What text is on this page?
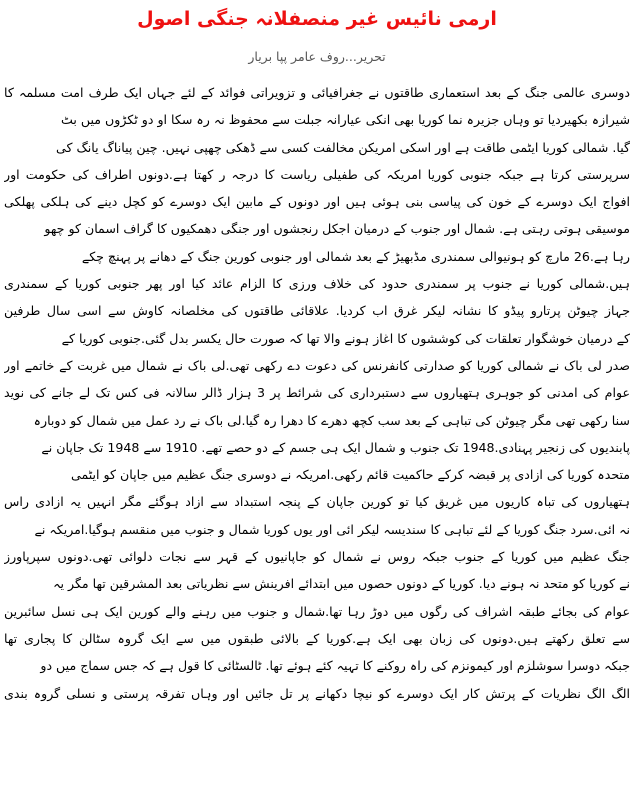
ارمی نائیس غیر منصفلانہ جنگی اصول
تحریر...روف عامر پپا بریار
دوسری عالمی جنگ کے بعد استعماری طاقتوں نے جغرافیائی و تزویراتی فوائد کے لئے جہاں ایک طرف امت مسلمہ کا
شیرازہ بکھیردیا تو وہاں جزیرہ نما کوریا بھی انکی عیارانہ جبلت سے محفوظ نہ رہ سکا او دو ٹکڑوں میں بٹ
گیا. شمالی کوریا ایٹمی طاقت ہے اور اسکی امریکن مخالفت کسی سے ڈھکی چھپی نہیں. چین پیاناگ یانگ کی
سرپرستی کرتا ہے جبکہ جنوبی کوریا امریکہ کی طفیلی ریاست کا درجہ ر کھتا ہے.دونوں اطراف کی حکومت اور
افواج ایک دوسرے کے خون کی پیاسی بنی ہوئی ہیں اور دونوں کے مابین ایک دوسرے کو کچل دینے کی ہلکی پھلکی
موسیقی ہوتی رہتی ہے. شمال اور جنوب کے درمیان اجکل رنجشوں اور جنگی دھمکیوں کا گراف اسمان کو چھو
رہا ہے.26 مارچ کو ہونیوالی سمندری مڈبھیڑ کے بعد شمالی اور جنوبی کورین جنگ کے دھانے پر پہنچ چکے
ہیں.شمالی کوریا نے جنوب پر سمندری حدود کی خلاف ورزی کا الزام عائد کیا اور پھر جنوبی کوریا کے سمندری
جہاز چیوٹن پرتارو پیڈو کا نشانہ لیکر غرق اب کردیا. علاقائی طاقتوں کی مخلصانہ کاوش سے اسی سال طرفین
کے درمیان خوشگوار تعلقات کی کوششوں کا اغاز ہونے والا تھا کہ صورت حال یکسر بدل گئی.جنوبی کوریا کے
صدر لی باک نے شمالی کوریا کو صدارتی کانفرنس کی دعوت دے رکھی تھی.لی باک نے شمال میں غربت کے خاتمے اور
عوام کی امدنی کو جوہری ہتھیاروں سے دستبرداری کی شرائط پر 3 ہزار ڈالر سالانہ فی کس تک لے جانے کی نوید
سنا رکھی تھی مگر چیوٹن کی تباہی کے بعد سب کچھ دھرے کا دھرا رہ گیا.لی باک نے رد عمل میں شمال کو دوبارہ
پابندیوں کی زنجیر پہنادی.1948 تک جنوب و شمال ایک ہی جسم کے دو حصے تھے. 1910 سے 1948 تک جاپان نے
متحدہ کوریا کی ازادی پر قبضہ کرکے حاکمیت قائم رکھی.امریکہ نے دوسری جنگ عظیم میں جاپان کو ایٹمی
ہتھیاروں کی تباہ کاریوں میں غریق کیا تو کورین جاپان کے پنجہ استبداد سے ازاد ہوگئے مگر انہیں یہ ازادی راس
نہ ائی.سرد جنگ کوریا کے لئے تباہی کا سندیسہ لیکر ائی اور یوں کوریا شمال و جنوب میں منقسم ہوگیا.امریکہ نے
جنگ عظیم میں کوریا کے جنوب جبکہ روس نے شمال کو جاپانیوں کے قہر سے نجات دلوائی تھی.دونوں سپرپاورز
نے کوریا کو متحد نہ ہونے دیا. کوریا کے دونوں حصوں میں ابتدائے افرینش سے نظریاتی بعد المشرقین تھا مگر یہ
عوام کی بجائے طبقہ اشراف کی رگوں میں دوڑ رہا تھا.شمال و جنوب میں رہنے والے کورین ایک ہی نسل سائبرین
سے تعلق رکھتے ہیں.دونوں کی زبان بھی ایک ہے.کوریا کے بالائی طبقوں میں سے ایک گروہ سٹالن کا پجاری تھا
جبکہ دوسرا سوشلزم اور کیمونزم کی راہ روکنے کا تہیہ کئے ہوئے تھا. ٹالسٹائی کا قول ہے کہ جس سماج میں دو
الگ الگ نظریات کے پرتش کار ایک دوسرے کو نیچا دکھانے پر تل جائیں اور وہاں تفرقہ پرستی و نسلی گروہ بندی
